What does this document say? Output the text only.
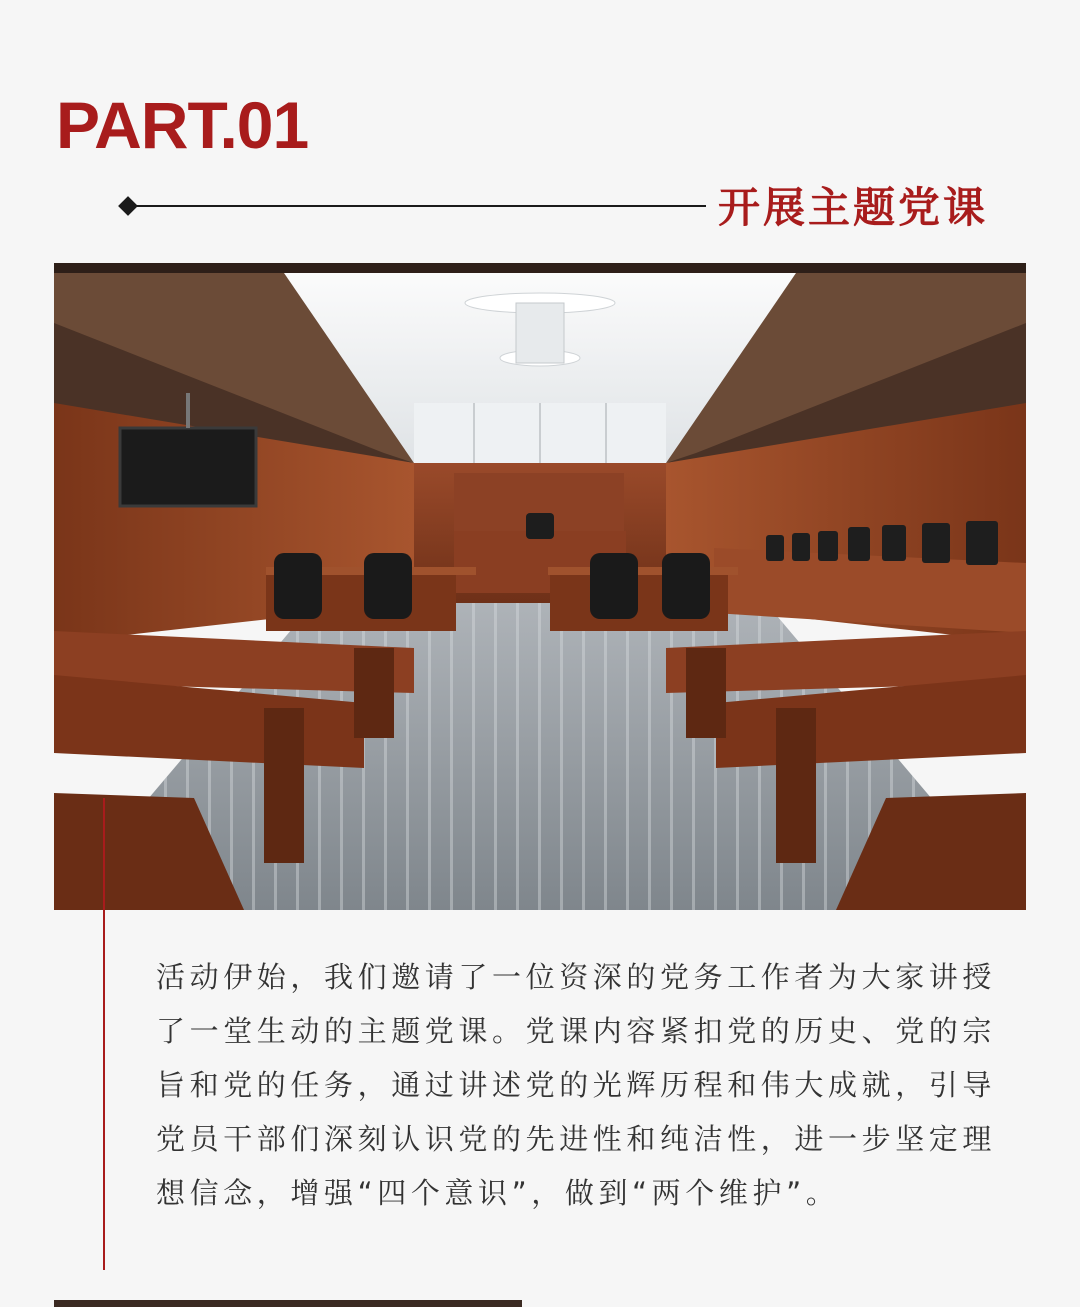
PART.01
开展主题党课

活动伊始，我们邀请了一位资深的党务工作者为大家讲授了一堂生动的主题党课。党课内容紧扣党的历史、党的宗旨和党的任务，通过讲述党的光辉历程和伟大成就，引导党员干部们深刻认识党的先进性和纯洁性，进一步坚定理想信念，增强“四个意识”，做到“两个维护”。
